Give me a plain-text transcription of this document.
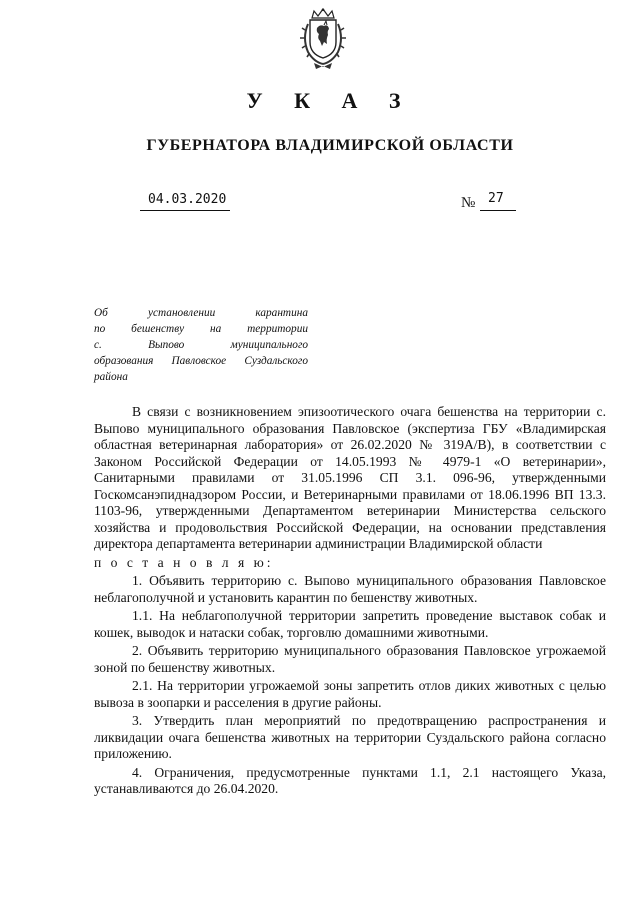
У К А З
ГУБЕРНАТОРА ВЛАДИМИРСКОЙ ОБЛАСТИ
04.03.2020	№ 27
Об установлении карантина
по бешенству на территории
с. Выпово муниципального
образования Павловское Суздальского
района

В связи с возникновением эпизоотического очага бешенства на территории с. Выпово муниципального образования Павловское (экспертиза ГБУ «Владимирская областная ветеринарная лаборатория» от 26.02.2020 № 319А/В), в соответствии с Законом Российской Федерации от 14.05.1993 № 4979-1 «О ветеринарии», Санитарными правилами от 31.05.1996 СП 3.1. 096-96, утвержденными Госкомсанэпиднадзором России, и Ветеринарными правилами от 18.06.1996 ВП 13.3. 1103-96, утвержденными Департаментом ветеринарии Министерства сельского хозяйства и продовольствия Российской Федерации, на основании представления директора департамента ветеринарии администрации Владимирской области

п о с т а н о в л я ю:

1. Объявить территорию с. Выпово муниципального образования Павловское неблагополучной и установить карантин по бешенству животных.

1.1. На неблагополучной территории запретить проведение выставок собак и кошек, выводок и натаски собак, торговлю домашними животными.

2. Объявить территорию муниципального образования Павловское угрожаемой зоной по бешенству животных.

2.1. На территории угрожаемой зоны запретить отлов диких животных с целью вывоза в зоопарки и расселения в другие районы.

3. Утвердить план мероприятий по предотвращению распространения и ликвидации очага бешенства животных на территории Суздальского района согласно приложению.

4. Ограничения, предусмотренные пунктами 1.1, 2.1 настоящего Указа, устанавливаются до 26.04.2020.
